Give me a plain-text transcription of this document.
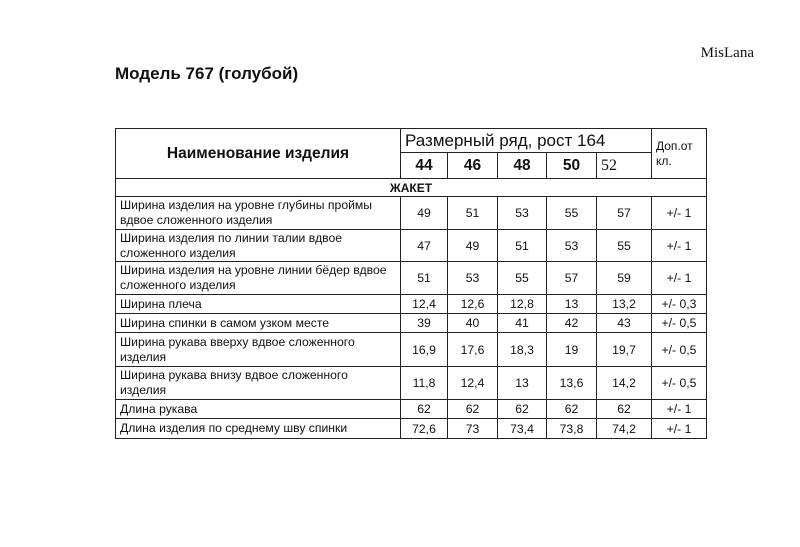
MisLana
Модель 767 (голубой)
Наименование изделия	Размерный ряд, рост 164					Доп.от кл.
	44	46	48	50	52	
ЖАКЕТ						
Ширина изделия на уровне глубины проймы вдвое сложенного изделия	49	51	53	55	57	+/- 1
Ширина изделия по линии талии вдвое сложенного изделия	47	49	51	53	55	+/- 1
Ширина изделия на уровне линии бёдер вдвое сложенного изделия	51	53	55	57	59	+/- 1
Ширина плеча	12,4	12,6	12,8	13	13,2	+/- 0,3
Ширина спинки в самом узком месте	39	40	41	42	43	+/- 0,5
Ширина рукава вверху вдвое сложенного изделия	16,9	17,6	18,3	19	19,7	+/- 0,5
Ширина рукава внизу вдвое сложенного изделия	11,8	12,4	13	13,6	14,2	+/- 0,5
Длина рукава	62	62	62	62	62	+/- 1
Длина изделия по среднему шву спинки	72,6	73	73,4	73,8	74,2	+/- 1
